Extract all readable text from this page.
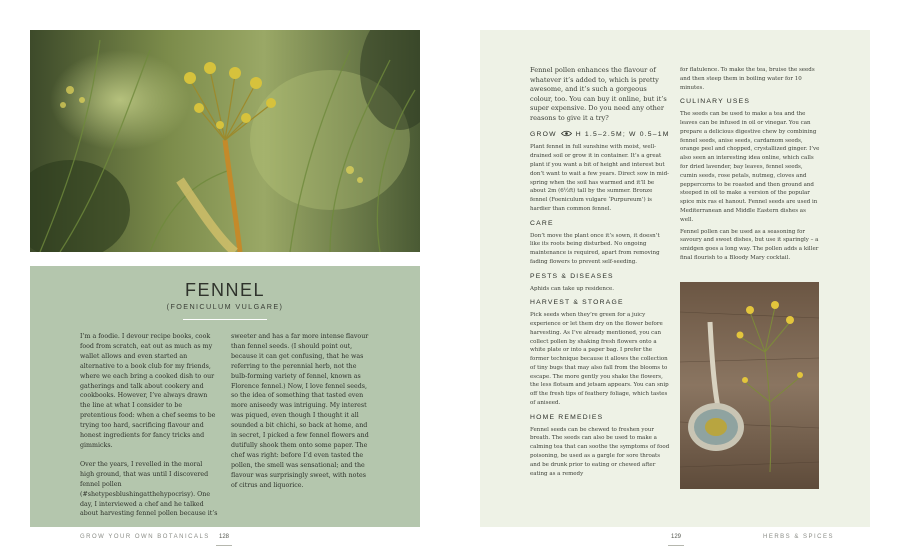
FENNEL
(FOENICULUM VULGARE)

I’m a foodie. I devour recipe books, cook food from scratch, eat out as much as my wallet allows and even started an alternative to a book club for my friends, where we each bring a cooked dish to our gatherings and talk about cookery and cookbooks. However, I’ve always drawn the line at what I consider to be pretentious food: when a chef seems to be trying too hard, sacrificing flavour and honest ingredients for fancy tricks and gimmicks.

Over the years, I revelled in the moral high ground, that was until I discovered fennel pollen (#shetypesblushingatthehypocrisy). One day, I interviewed a chef and he talked about harvesting fennel pollen because it’s

sweeter and has a far more intense flavour than fennel seeds. (I should point out, because it can get confusing, that he was referring to the perennial herb, not the bulb-forming variety of fennel, known as Florence fennel.) Now, I love fennel seeds, so the idea of something that tasted even more aniseedy was intriguing. My interest was piqued, even though I thought it all sounded a bit chichi, so back at home, and in secret, I picked a few fennel flowers and dutifully shook them onto some paper. The chef was right: before I’d even tasted the pollen, the smell was sensational; and the flavour was surprisingly sweet, with notes of citrus and liquorice.

Fennel pollen enhances the flavour of whatever it’s added to, which is pretty awesome, and it’s such a gorgeous colour, too. You can buy it online, but it’s super expensive. Do you need any other reasons to give it a try?

GROW	H 1.5–2.5M; W 0.5–1M

Plant fennel in full sunshine with moist, well-drained soil or grow it in container. It’s a great plant if you want a bit of height and interest but don’t want to wait a few years. Direct sow in mid-spring when the soil has warmed and it’ll be about 2m (6½ft) tall by the summer. Bronze fennel (Foeniculum vulgare ‘Purpureum’) is hardier than common fennel.

CARE

Don’t move the plant once it’s sown, it doesn’t like its roots being disturbed. No ongoing maintenance is required, apart from removing fading flowers to prevent self-seeding.

PESTS & DISEASES

Aphids can take up residence.

HARVEST & STORAGE

Pick seeds when they’re green for a juicy experience or let them dry on the flower before harvesting. As I’ve already mentioned, you can collect pollen by shaking fresh flowers onto a white plate or into a paper bag. I prefer the former technique because it allows the collection of tiny bugs that may also fall from the blooms to escape. The more gently you shake the flowers, the less flotsam and jetsam appears. You can snip off the fresh tips of feathery foliage, which tastes of aniseed.

HOME REMEDIES

Fennel seeds can be chewed to freshen your breath. The seeds can also be used to make a calming tea that can soothe the symptoms of food poisoning, be used as a gargle for sore throats and be drunk prior to eating or chewed after eating as a remedy

for flatulence. To make the tea, bruise the seeds and then steep them in boiling water for 10 minutes.

CULINARY USES

The seeds can be used to make a tea and the leaves can be infused in oil or vinegar. You can prepare a delicious digestive chew by combining fennel seeds, anise seeds, cardamom seeds, orange peel and chopped, crystallized ginger. I’ve also seen an interesting idea online, which calls for dried lavender, bay leaves, fennel seeds, cumin seeds, rose petals, nutmeg, cloves and peppercorns to be roasted and then ground and steeped in oil to make a version of the popular spice mix ras el hanout. Fennel seeds are used in Mediterranean and Middle Eastern dishes as well.

Fennel pollen can be used as a seasoning for savoury and sweet dishes, but use it sparingly – a smidgen goes a long way. The pollen adds a killer final flourish to a Bloody Mary cocktail.

GROW YOUR OWN BOTANICALS 128	129	HERBS & SPICES
